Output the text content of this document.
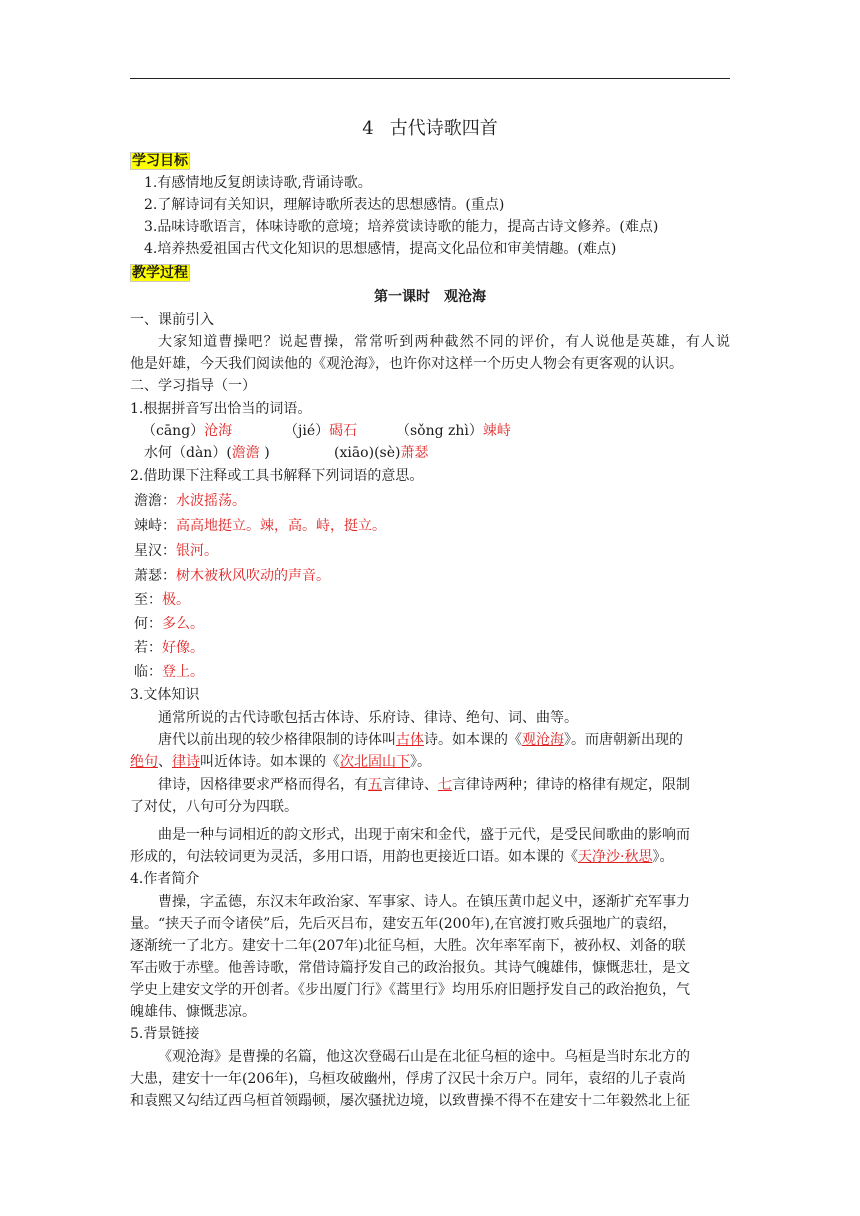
4 古代诗歌四首
学习目标
1.有感情地反复朗读诗歌,背诵诗歌。
2.了解诗词有关知识，理解诗歌所表达的思想感情。(重点)
3.品味诗歌语言，体味诗歌的意境；培养赏读诗歌的能力，提高古诗文修养。(难点)
4.培养热爱祖国古代文化知识的思想感情，提高文化品位和审美情趣。(难点)
教学过程
第一课时　观沧海
一、课前引入
大家知道曹操吧？说起曹操，常常听到两种截然不同的评价，有人说他是英雄，有人说
他是奸雄，今天我们阅读他的《观沧海》，也许你对这样一个历史人物会有更客观的认识。
二、学习指导（一）
1.根据拼音写出恰当的词语。
（cāng）沧海	（jié）碣石	（sǒng zhì）竦峙
水何（dàn）(澹澹 )	(xiāo)(sè)萧瑟
2.借助课下注释或工具书解释下列词语的意思。
澹澹：水波摇荡。
竦峙：高高地挺立。竦，高。峙，挺立。
星汉：银河。
萧瑟：树木被秋风吹动的声音。
至：极。
何：多么。
若：好像。
临：登上。
3.文体知识
通常所说的古代诗歌包括古体诗、乐府诗、律诗、绝句、词、曲等。
唐代以前出现的较少格律限制的诗体叫古体诗。如本课的《观沧海》。而唐朝新出现的
绝句、律诗叫近体诗。如本课的《次北固山下》。
律诗，因格律要求严格而得名，有五言律诗、七言律诗两种；律诗的格律有规定，限制
了对仗，八句可分为四联。
曲是一种与词相近的韵文形式，出现于南宋和金代，盛于元代，是受民间歌曲的影响而
形成的，句法较词更为灵活，多用口语，用韵也更接近口语。如本课的《天净沙·秋思》。
4.作者简介
曹操，字孟德，东汉末年政治家、军事家、诗人。在镇压黄巾起义中，逐渐扩充军事力
量。“挟天子而令诸侯”后，先后灭吕布，建安五年(200年),在官渡打败兵强地广的袁绍，
逐渐统一了北方。建安十二年(207年)北征乌桓，大胜。次年率军南下，被孙权、刘备的联
军击败于赤壁。他善诗歌，常借诗篇抒发自己的政治报负。其诗气魄雄伟，慷慨悲壮，是文
学史上建安文学的开创者。《步出厦门行》《蒿里行》均用乐府旧题抒发自己的政治抱负，气
魄雄伟、慷慨悲凉。
5.背景链接
《观沧海》是曹操的名篇，他这次登碣石山是在北征乌桓的途中。乌桓是当时东北方的
大患，建安十一年(206年)，乌桓攻破幽州，俘虏了汉民十余万户。同年，袁绍的儿子袁尚
和袁熙又勾结辽西乌桓首领蹋顿，屡次骚扰边境，以致曹操不得不在建安十二年毅然北上征
